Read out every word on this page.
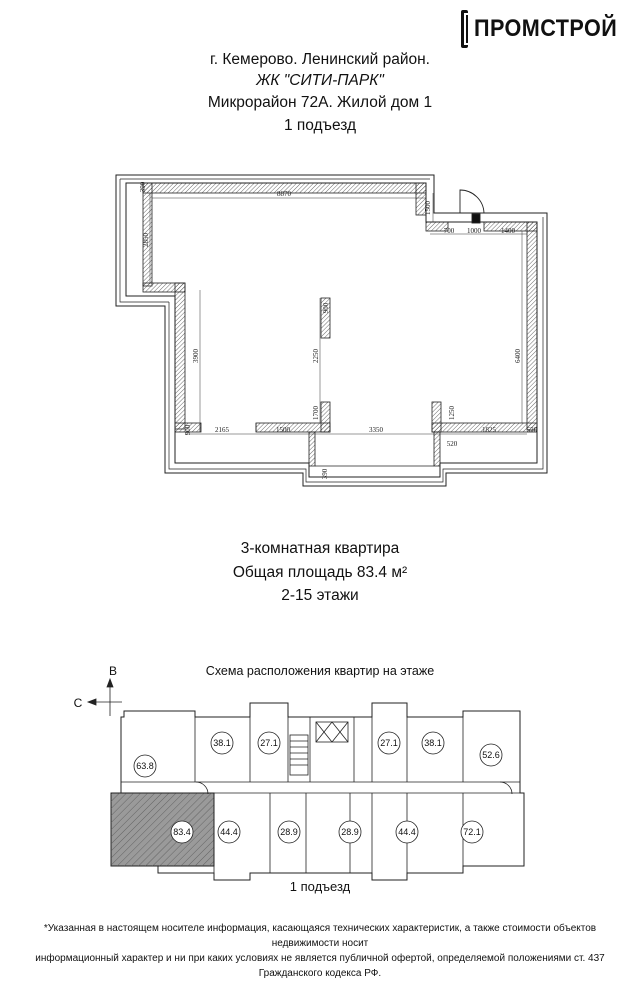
ПРОМСТРОЙ
г. Кемерово. Ленинский район.
ЖК "СИТИ-ПАРК"
Микрорайон 72А. Жилой дом 1
1 подъезд
390
8870
1500
2850
700 1000	1400
900
3900	2250	6400
900	2165	1500
1700
3350
1250
520
1825	520
390
3-комнатная квартира
Общая площадь 83.4 м²
2-15 этажи
Схема расположения квартир на этаже
В
С
63.8
38.1	27.1	27.1	38.1
52.6
83.4	44.4	28.9	28.9	44.4	72.1
1 подъезд
*Указанная в настоящем носителе информация, касающаяся технических характеристик, а также стоимости объектов недвижимости носит
информационный характер и ни при каких условиях не является публичной офертой, определяемой положениями ст. 437 Гражданского кодекса РФ.
